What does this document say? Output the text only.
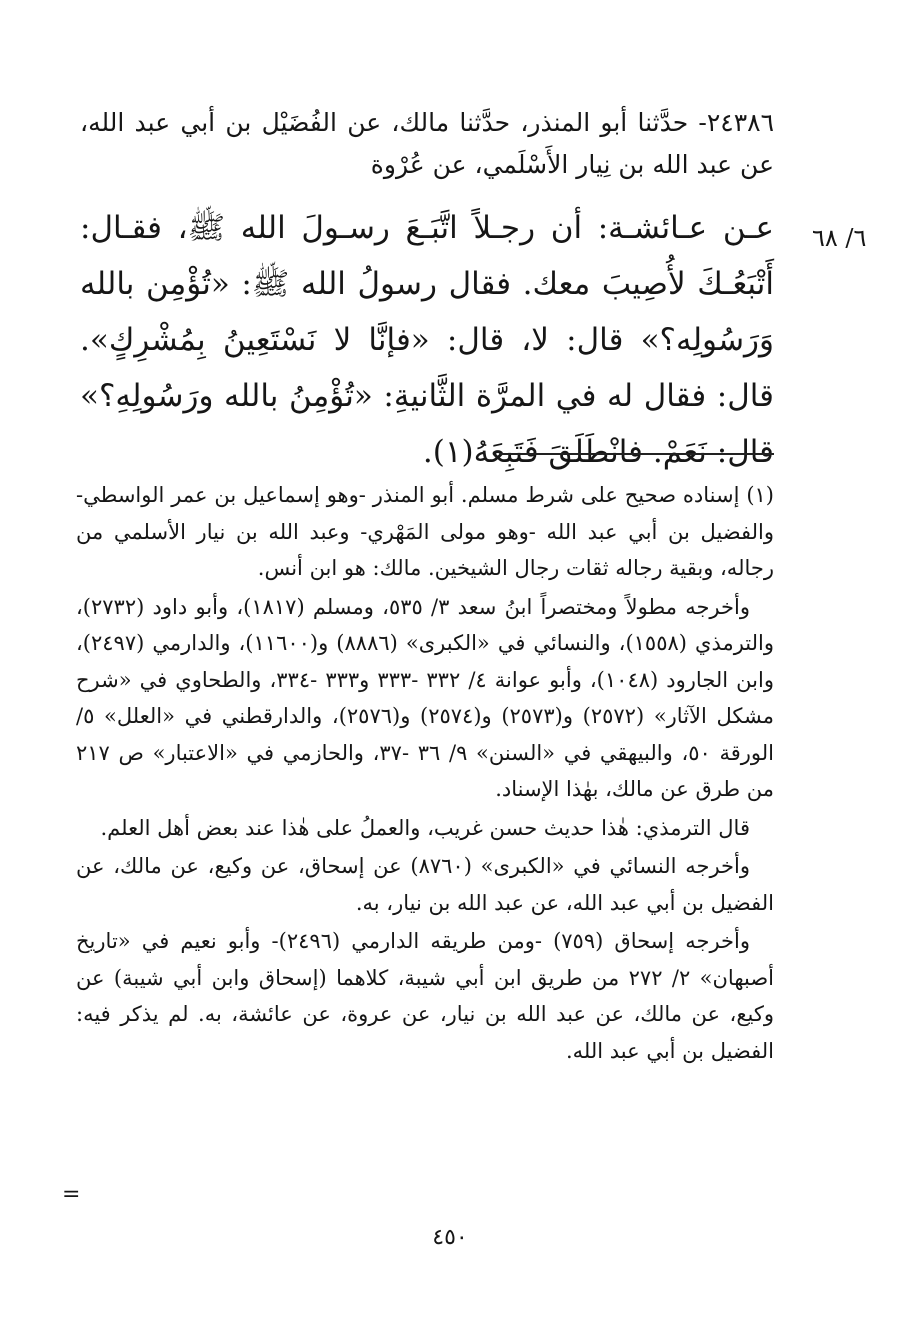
٢٤٣٨٦- حدَّثنا أبو المنذر، حدَّثنا مالك، عن الفُضَيْل بن أبي عبد الله، عن عبد الله بن نِيار الأَسْلَمي، عن عُرْوة
عـن عـائشـة: أن رجـلاً اتَّبَـعَ رسـولَ الله ﷺ، فقـال: أَتْبَعُـكَ لأُصِيبَ معك. فقال رسولُ الله ﷺ: «تُؤْمِن بالله وَرَسُولِه؟» قال: لا، قال: «فإنَّا لا نَسْتَعِينُ بِمُشْرِكٍ». قال: فقال له في المرَّة الثَّانيةِ: «تُؤْمِنُ بالله ورَسُولِهِ؟» قال: نَعَمْ. فانْطَلَقَ فَتَبِعَهُ(١).
٦/ ٦٨

(١) إسناده صحيح على شرط مسلم. أبو المنذر -وهو إسماعيل بن عمر الواسطي- والفضيل بن أبي عبد الله -وهو مولى المَهْري- وعبد الله بن نيار الأسلمي من رجاله، وبقية رجاله ثقات رجال الشيخين. مالك: هو ابن أنس.

وأخرجه مطولاً ومختصراً ابنُ سعد ٣/ ٥٣٥، ومسلم (١٨١٧)، وأبو داود (٢٧٣٢)، والترمذي (١٥٥٨)، والنسائي في «الكبرى» (٨٨٨٦) و(١١٦٠٠)، والدارمي (٢٤٩٧)، وابن الجارود (١٠٤٨)، وأبو عوانة ٤/ ٣٣٢ -٣٣٣ و٣٣٣ -٣٣٤، والطحاوي في «شرح مشكل الآثار» (٢٥٧٢) و(٢٥٧٣) و(٢٥٧٤) و(٢٥٧٦)، والدارقطني في «العلل» ٥/الورقة ٥٠، والبيهقي في «السنن» ٩/ ٣٦ -٣٧، والحازمي في «الاعتبار» ص ٢١٧ من طرق عن مالك، بهٰذا الإسناد.

قال الترمذي: هٰذا حديث حسن غريب، والعملُ على هٰذا عند بعض أهل العلم.

وأخرجه النسائي في «الكبرى» (٨٧٦٠) عن إسحاق، عن وكيع، عن مالك، عن الفضيل بن أبي عبد الله، عن عبد الله بن نيار، به.

وأخرجه إسحاق (٧٥٩) -ومن طريقه الدارمي (٢٤٩٦)- وأبو نعيم في «تاريخ أصبهان» ٢/ ٢٧٢ من طريق ابن أبي شيبة، كلاهما (إسحاق وابن أبي شيبة) عن وكيع، عن مالك، عن عبد الله بن نيار، عن عروة، عن عائشة، به. لم يذكر فيه: الفضيل بن أبي عبد الله.

=
٤٥٠
